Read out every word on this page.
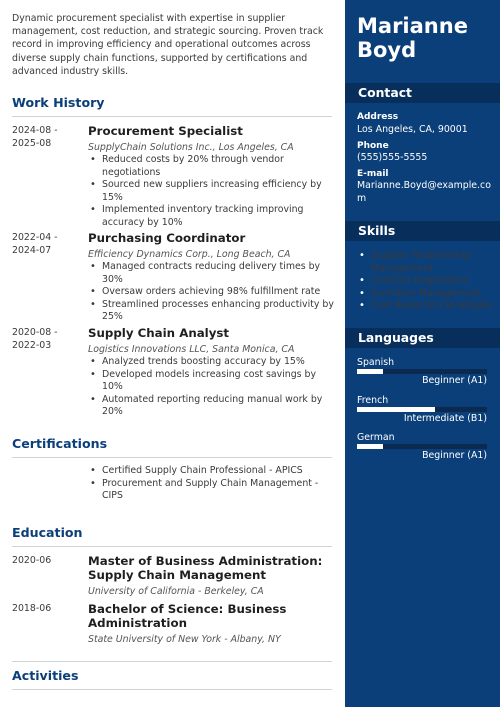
Dynamic procurement specialist with expertise in supplier management, cost reduction, and strategic sourcing. Proven track record in improving efficiency and operational outcomes across diverse supply chain functions, supported by certifications and advanced industry skills.

Work History
2024-08 - 2025-08
Procurement Specialist
SupplyChain Solutions Inc., Los Angeles, CA
• Reduced costs by 20% through vendor negotiations
• Sourced new suppliers increasing efficiency by 15%
• Implemented inventory tracking improving accuracy by 10%
2022-04 - 2024-07
Purchasing Coordinator
Efficiency Dynamics Corp., Long Beach, CA
• Managed contracts reducing delivery times by 30%
• Oversaw orders achieving 98% fulfillment rate
• Streamlined processes enhancing productivity by 25%
2020-08 - 2022-03
Supply Chain Analyst
Logistics Innovations LLC, Santa Monica, CA
• Analyzed trends boosting accuracy by 15%
• Developed models increasing cost savings by 10%
• Automated reporting reducing manual work by 20%
Certifications
• Certified Supply Chain Professional - APICS
• Procurement and Supply Chain Management - CIPS
Education
2020-06	Master of Business Administration: Supply Chain Management
University of California - Berkeley, CA
2018-06	Bachelor of Science: Business Administration
State University of New York - Albany, NY
Activities
Marianne
Boyd
Contact
Address
Los Angeles, CA, 90001
Phone
(555)555-5555
E-mail
Marianne.Boyd@example.com
Skills
• Supplier Relationship Management
• Contract Negotiation
• Inventory Management
• Cost Reduction Strategies
Languages
Spanish
Beginner (A1)
French
Intermediate (B1)
German
Beginner (A1)
